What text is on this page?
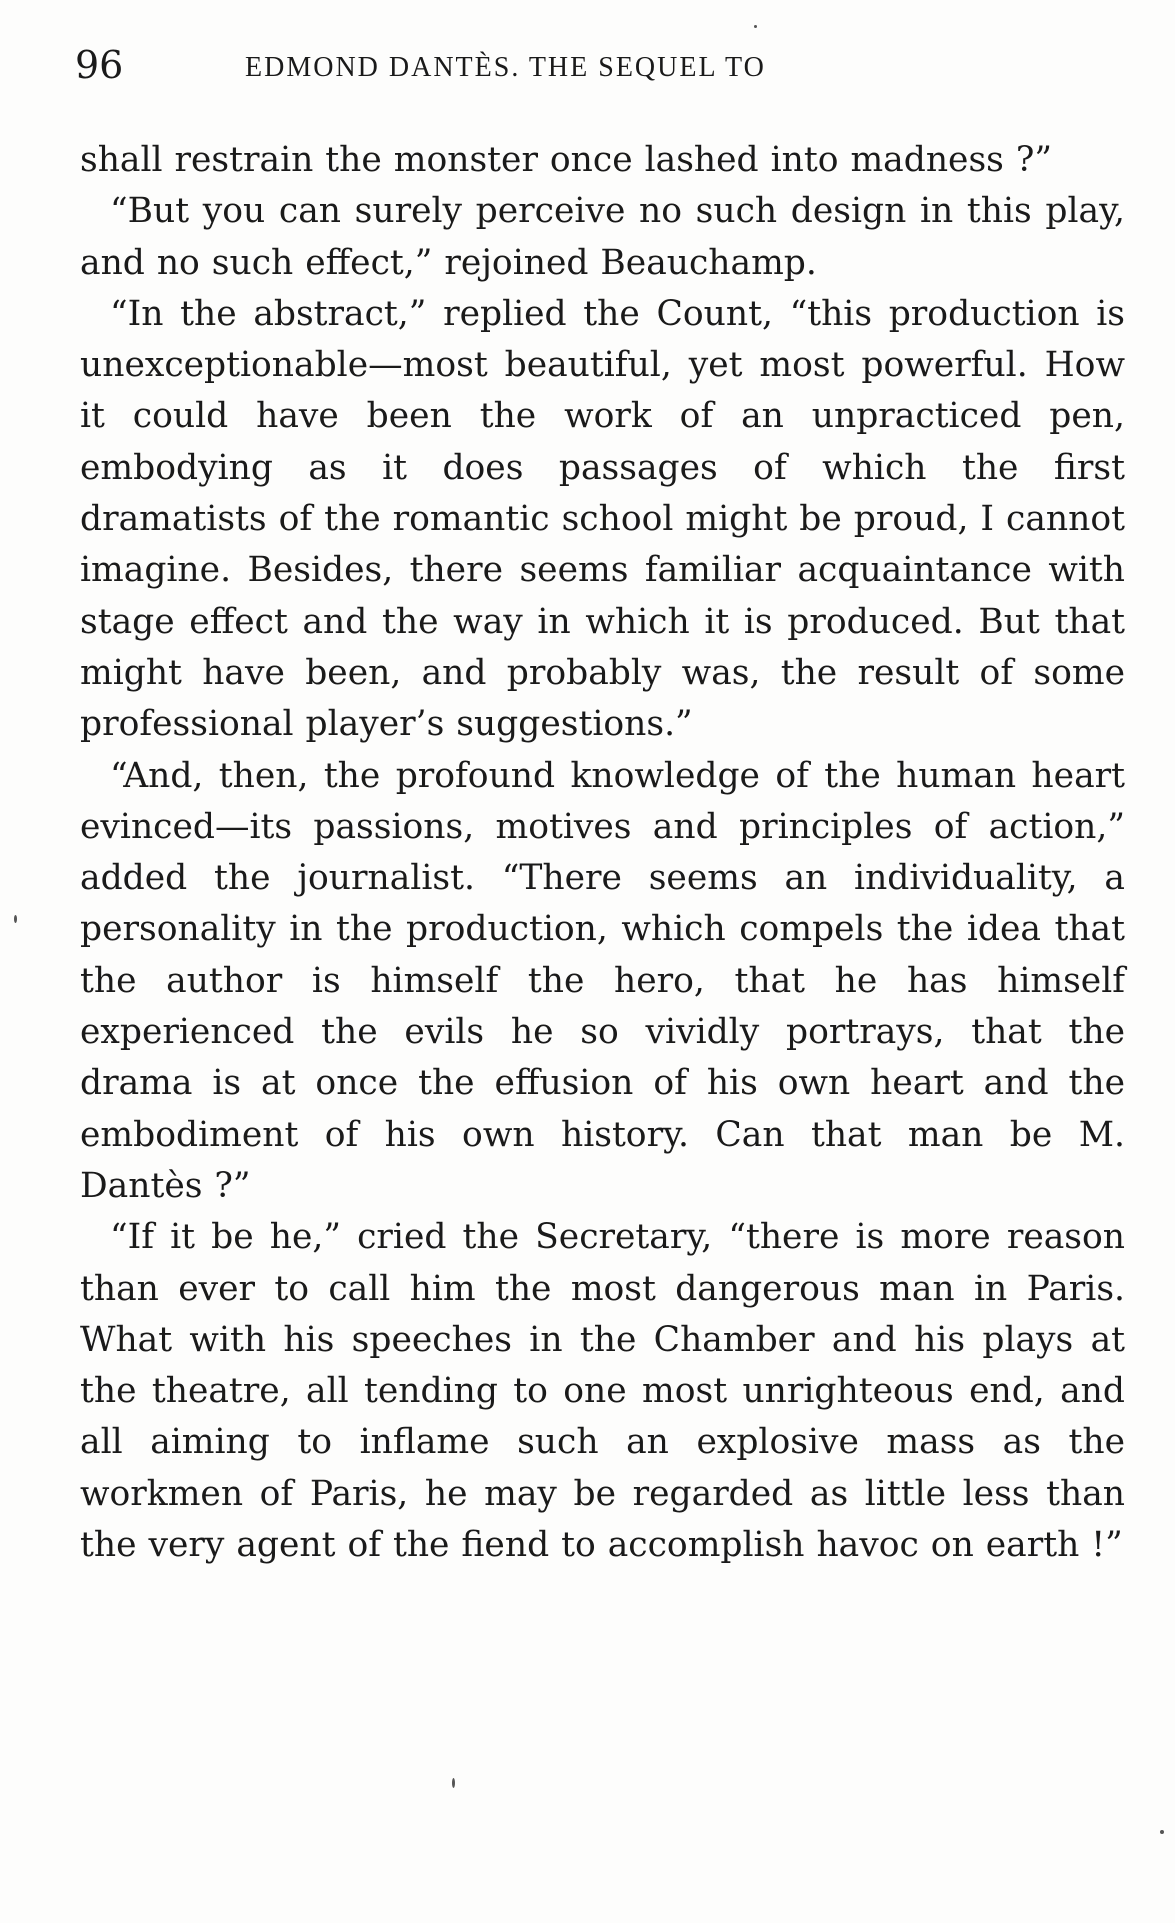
96	EDMOND DANTÈS. THE SEQUEL TO

shall restrain the monster once lashed into madness ?”

“But you can surely perceive no such design in this play, and no such effect,” rejoined Beauchamp.

“In the abstract,” replied the Count, “this production is unexceptionable—most beautiful, yet most powerful. How it could have been the work of an unpracticed pen, embodying as it does passages of which the first dramatists of the romantic school might be proud, I cannot imagine. Besides, there seems familiar acquaintance with stage effect and the way in which it is produced. But that might have been, and probably was, the result of some professional player’s suggestions.”

“And, then, the profound knowledge of the human heart evinced—its passions, motives and principles of action,” added the journalist. “There seems an individuality, a personality in the production, which compels the idea that the author is himself the hero, that he has himself experienced the evils he so vividly portrays, that the drama is at once the effusion of his own heart and the embodiment of his own history. Can that man be M. Dantès ?”

“If it be he,” cried the Secretary, “there is more reason than ever to call him the most dangerous man in Paris. What with his speeches in the Chamber and his plays at the theatre, all tending to one most unrighteous end, and all aiming to inflame such an explosive mass as the workmen of Paris, he may be regarded as little less than the very agent of the fiend to accomplish havoc on earth !”
